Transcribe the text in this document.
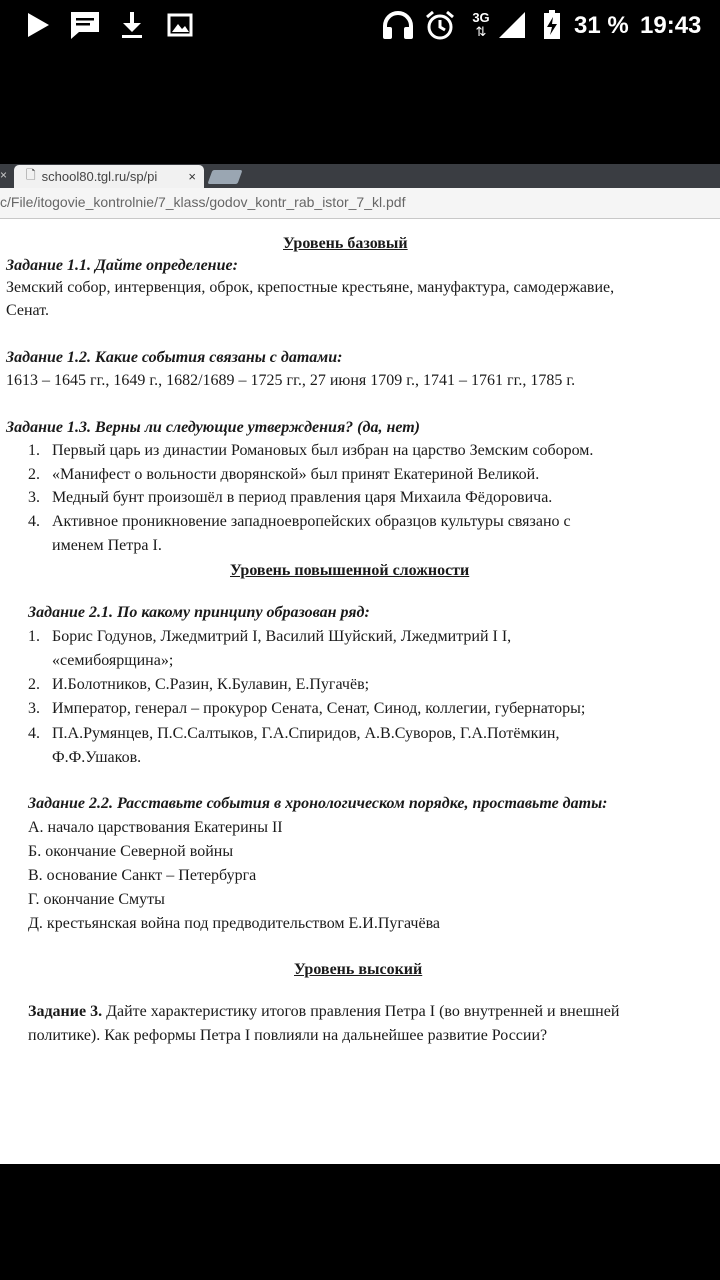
3G
⇅	31 % 19:43
× 🗋 school80.tgl.ru/sp/pi ×
c/File/itogovie_kontrolnie/7_klass/godov_kontr_rab_istor_7_kl.pdf
Уровень базовый
Задание 1.1. Дайте определение:
Земский собор, интервенция, оброк, крепостные крестьяне, мануфактура, самодержавие,
Сенат.
Задание 1.2. Какие события связаны с датами:
1613 – 1645 гг., 1649 г., 1682/1689 – 1725 гг., 27 июня 1709 г., 1741 – 1761 гг., 1785 г.
Задание 1.3. Верны ли следующие утверждения? (да, нет)
1. Первый царь из династии Романовых был избран на царство Земским собором.
2. «Манифест о вольности дворянской» был принят Екатериной Великой.
3. Медный бунт произошёл в период правления царя Михаила Фёдоровича.
4. Активное проникновение западноевропейских образцов культуры связано с
именем Петра I.
Уровень повышенной сложности
Задание 2.1. По какому принципу образован ряд:
1. Борис Годунов, Лжедмитрий I, Василий Шуйский, Лжедмитрий I I,
«семибоярщина»;
2. И.Болотников, С.Разин, К.Булавин, Е.Пугачёв;
3. Император, генерал – прокурор Сената, Сенат, Синод, коллегии, губернаторы;
4. П.А.Румянцев, П.С.Салтыков, Г.А.Спиридов, А.В.Суворов, Г.А.Потёмкин,
Ф.Ф.Ушаков.
Задание 2.2. Расставьте события в хронологическом порядке, проставьте даты:
А. начало царствования Екатерины II
Б. окончание Северной войны
В. основание Санкт – Петербурга
Г. окончание Смуты
Д. крестьянская война под предводительством Е.И.Пугачёва
Уровень высокий
Задание 3. Дайте характеристику итогов правления Петра I (во внутренней и внешней
политике). Как реформы Петра I повлияли на дальнейшее развитие России?
